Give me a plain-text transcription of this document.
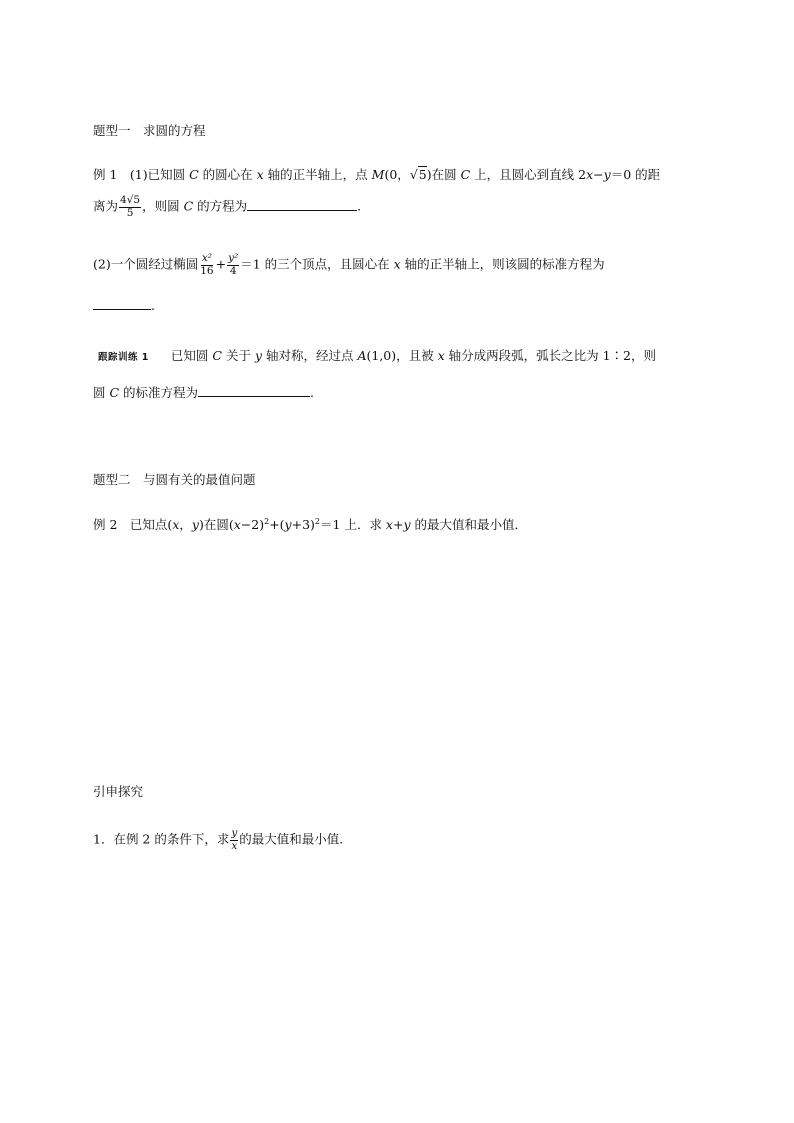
题型一　求圆的方程
例 1　(1)已知圆 C 的圆心在 x 轴的正半轴上，点 M(0，√5)在圆 C 上，且圆心到直线 2x−y＝0 的距
离为 $\frac{4√5}{5}$ ，则圆 C 的方程为	.
(2)一个圆经过椭圆 $\frac{\text{x²}}{16} + \frac{\text{y²}}{4} =1$ 的三个顶点，且圆心在 x 轴的正半轴上，则该圆的标准方程为
.
跟踪训练 1 已知圆 C 关于 y 轴对称，经过点 A(1,0)，且被 x 轴分成两段弧，弧长之比为 1∶2，则
圆 C 的标准方程为	.
题型二　与圆有关的最值问题
例 2　已知点(x，y)在圆$(x-2)^2+(y+3)^2=1$ 上．求 x+y 的最大值和最小值．
引申探究
1．在例 2 的条件下，求 $\frac{y}{x}$ 的最大值和最小值.
